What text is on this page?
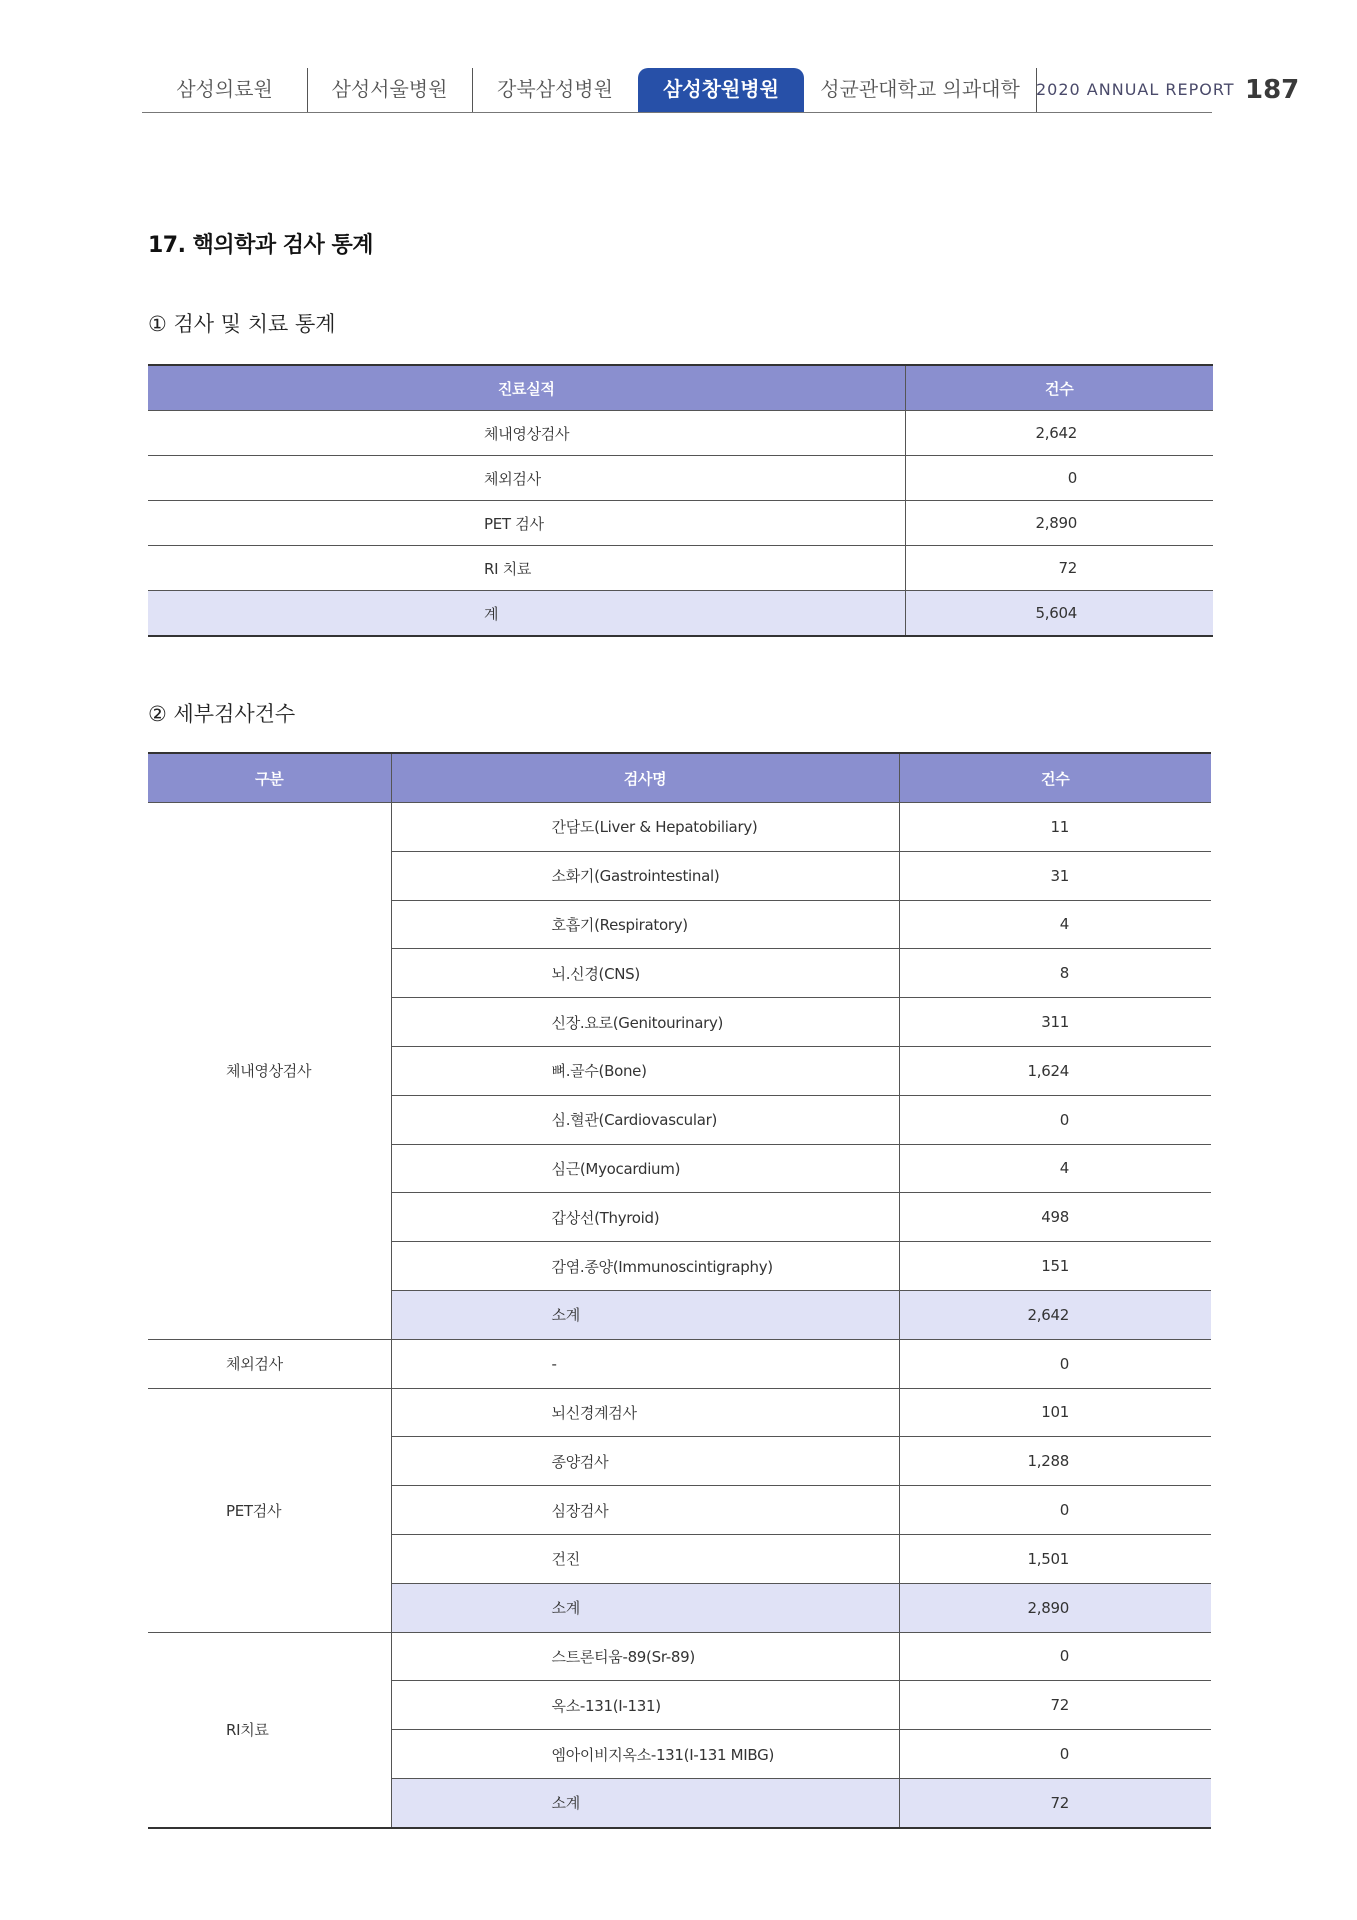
삼성의료원	삼성서울병원	강북삼성병원	삼성창원병원	성균관대학교 의과대학	2020 ANNUAL REPORT 187
17. 핵의학과 검사 통계
① 검사 및 치료 통계
② 세부검사건수
진료실적	건수
체내영상검사	2,642
체외검사	0
PET 검사	2,890
RI 치료	72
계	5,604
구분	검사명	건수
체내영상검사	간담도(Liver & Hepatobiliary)	11
	소화기(Gastrointestinal)	31
	호흡기(Respiratory)	4
	뇌.신경(CNS)	8
	신장.요로(Genitourinary)	311
	뼈.골수(Bone)	1,624
	심.혈관(Cardiovascular)	0
	심근(Myocardium)	4
	갑상선(Thyroid)	498
	감염.종양(Immunoscintigraphy)	151
	소계	2,642
체외검사	-	0
PET검사	뇌신경계검사	101
	종양검사	1,288
	심장검사	0
	건진	1,501
	소계	2,890
RI치료	스트론티움-89(Sr-89)	0
	옥소-131(I-131)	72
	엠아이비지옥소-131(I-131 MIBG)	0
	소계	72
